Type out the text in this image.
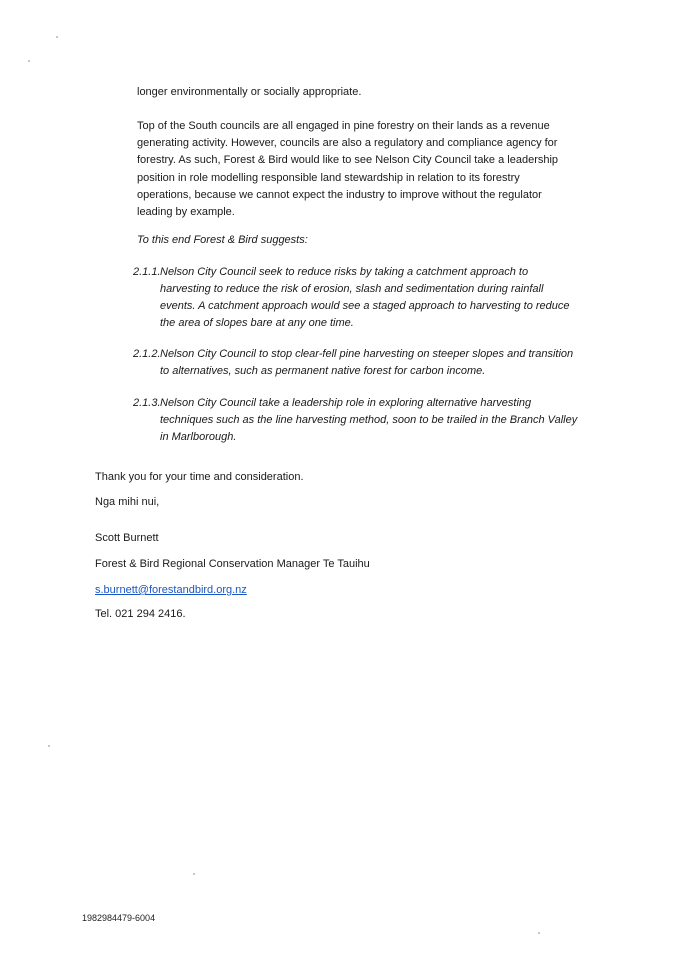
longer environmentally or socially appropriate.
Top of the South councils are all engaged in pine forestry on their lands as a revenue generating activity. However, councils are also a regulatory and compliance agency for forestry. As such, Forest & Bird would like to see Nelson City Council take a leadership position in role modelling responsible land stewardship in relation to its forestry operations, because we cannot expect the industry to improve without the regulator leading by example.
To this end Forest & Bird suggests:
2.1.1. Nelson City Council seek to reduce risks by taking a catchment approach to harvesting to reduce the risk of erosion, slash and sedimentation during rainfall events. A catchment approach would see a staged approach to harvesting to reduce the area of slopes bare at any one time.
2.1.2. Nelson City Council to stop clear-fell pine harvesting on steeper slopes and transition to alternatives, such as permanent native forest for carbon income.
2.1.3. Nelson City Council take a leadership role in exploring alternative harvesting techniques such as the line harvesting method, soon to be trailed in the Branch Valley in Marlborough.
Thank you for your time and consideration.
Nga mihi nui,
Scott Burnett
Forest & Bird Regional Conservation Manager Te Tauihu
s.burnett@forestandbird.org.nz
Tel. 021 294 2416.
1982984479-6004
